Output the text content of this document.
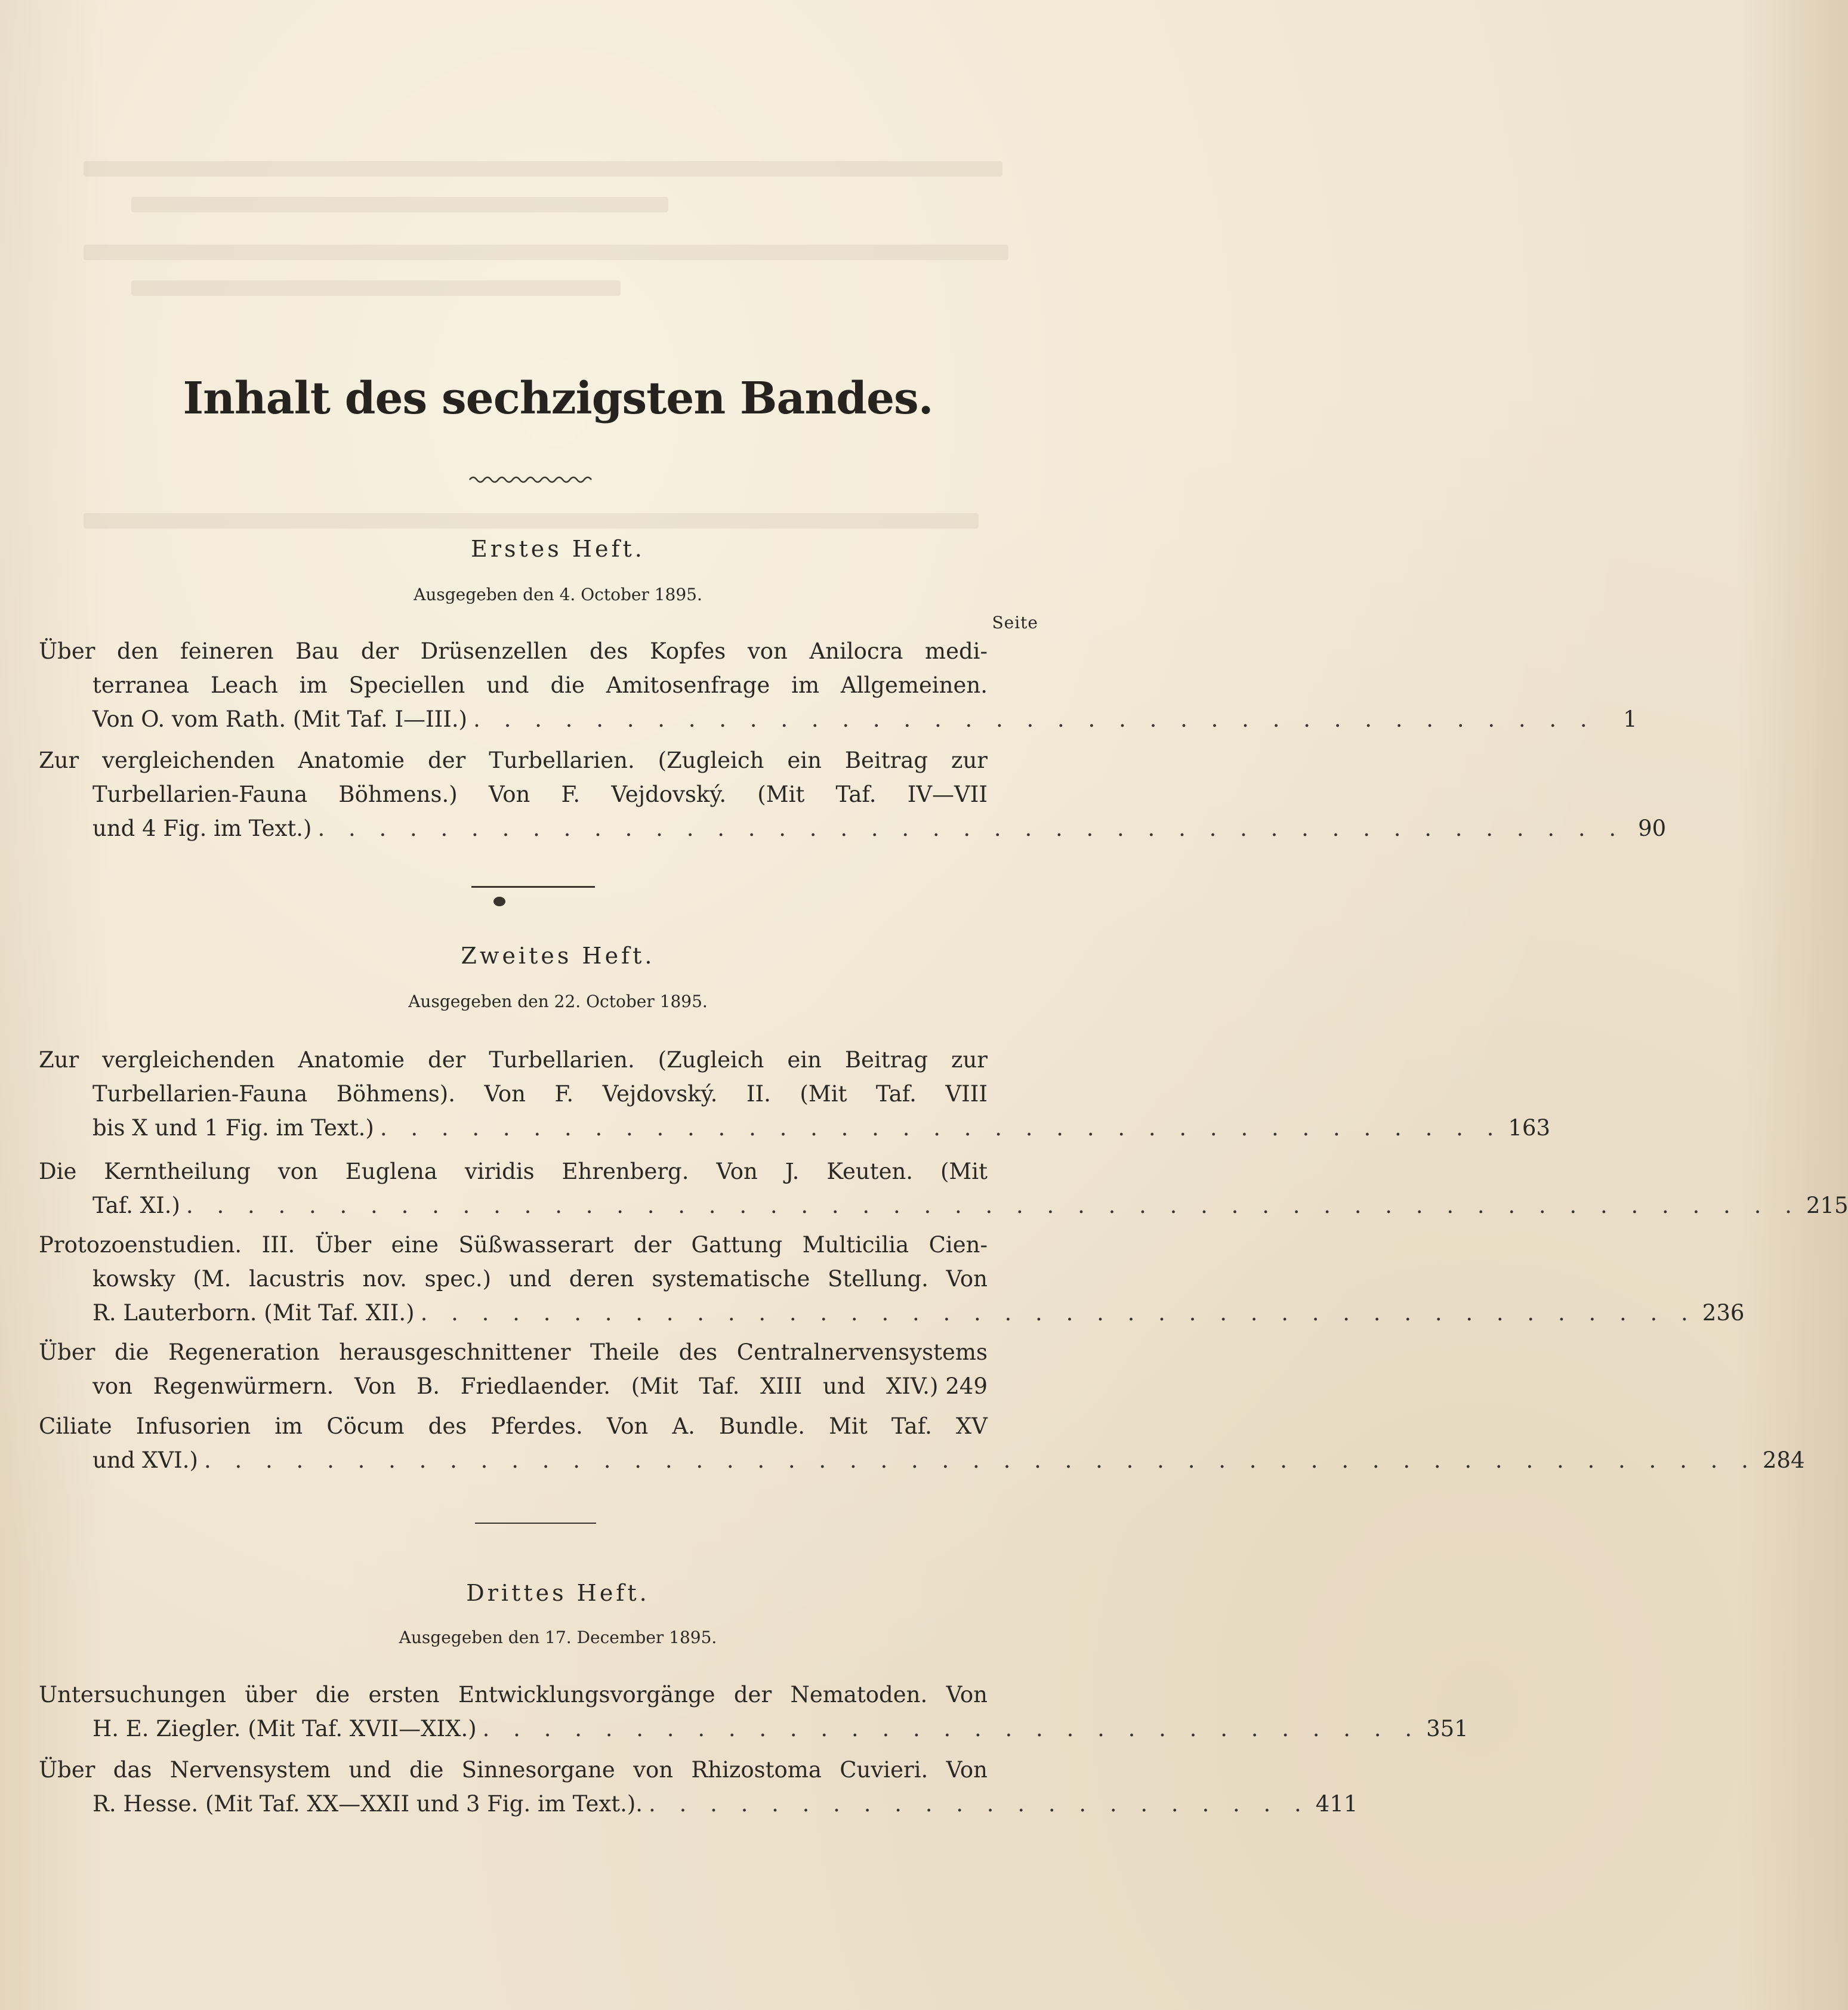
Inhalt des sechzigsten Bandes.
Erstes Heft.
Ausgegeben den 4. October 1895.
Seite
Über den feineren Bau der Drüsenzellen des Kopfes von Anilocra medi-
terranea Leach im Speciellen und die Amitosenfrage im Allgemeinen.
Von O. vom Rath. (Mit Taf. I—III.) . . . . . . . . . . . . . . . . . . . . . . . . . . . . . . . . . . . . .	1
Zur vergleichenden Anatomie der Turbellarien. (Zugleich ein Beitrag zur
Turbellarien-Fauna Böhmens.) Von F. Vejdovský. (Mit Taf. IV—VII
und 4 Fig. im Text.) . . . . . . . . . . . . . . . . . . . . . . . . . . . . . . . . . . . . . . . . . . . 90
Zweites Heft.
Ausgegeben den 22. October 1895.
Zur vergleichenden Anatomie der Turbellarien. (Zugleich ein Beitrag zur
Turbellarien-Fauna Böhmens). Von F. Vejdovský. II. (Mit Taf. VIII
bis X und 1 Fig. im Text.) . . . . . . . . . . . . . . . . . . . . . . . . . . . . . . . . . . . . . 163
Die Kerntheilung von Euglena viridis Ehrenberg. Von J. Keuten. (Mit
Taf. XI.) . . . . . . . . . . . . . . . . . . . . . . . . . . . . . . . . . . . . . . . . . . . . . . . . . . . . . 215
Protozoenstudien. III. Über eine Süßwasserart der Gattung Multicilia Cien-
kowsky (M. lacustris nov. spec.) und deren systematische Stellung. Von
R. Lauterborn. (Mit Taf. XII.) . . . . . . . . . . . . . . . . . . . . . . . . . . . . . . . . . . . . . . . . . . 236
Über die Regeneration herausgeschnittener Theile des Centralnervensystems
von Regenwürmern. Von B. Friedlaender. (Mit Taf. XIII und XIV.) 249
Ciliate Infusorien im Cöcum des Pferdes. Von A. Bundle. Mit Taf. XV
und XVI.) . . . . . . . . . . . . . . . . . . . . . . . . . . . . . . . . . . . . . . . . . . . . . . . . . . . 284
Drittes Heft.
Ausgegeben den 17. December 1895.
Untersuchungen über die ersten Entwicklungsvorgänge der Nematoden. Von
H. E. Ziegler. (Mit Taf. XVII—XIX.) . . . . . . . . . . . . . . . . . . . . . . . . . . . . . . . 351
Über das Nervensystem und die Sinnesorgane von Rhizostoma Cuvieri. Von
R. Hesse. (Mit Taf. XX—XXII und 3 Fig. im Text.). . . . . . . . . . . . . . . . . . . . . . . 411
